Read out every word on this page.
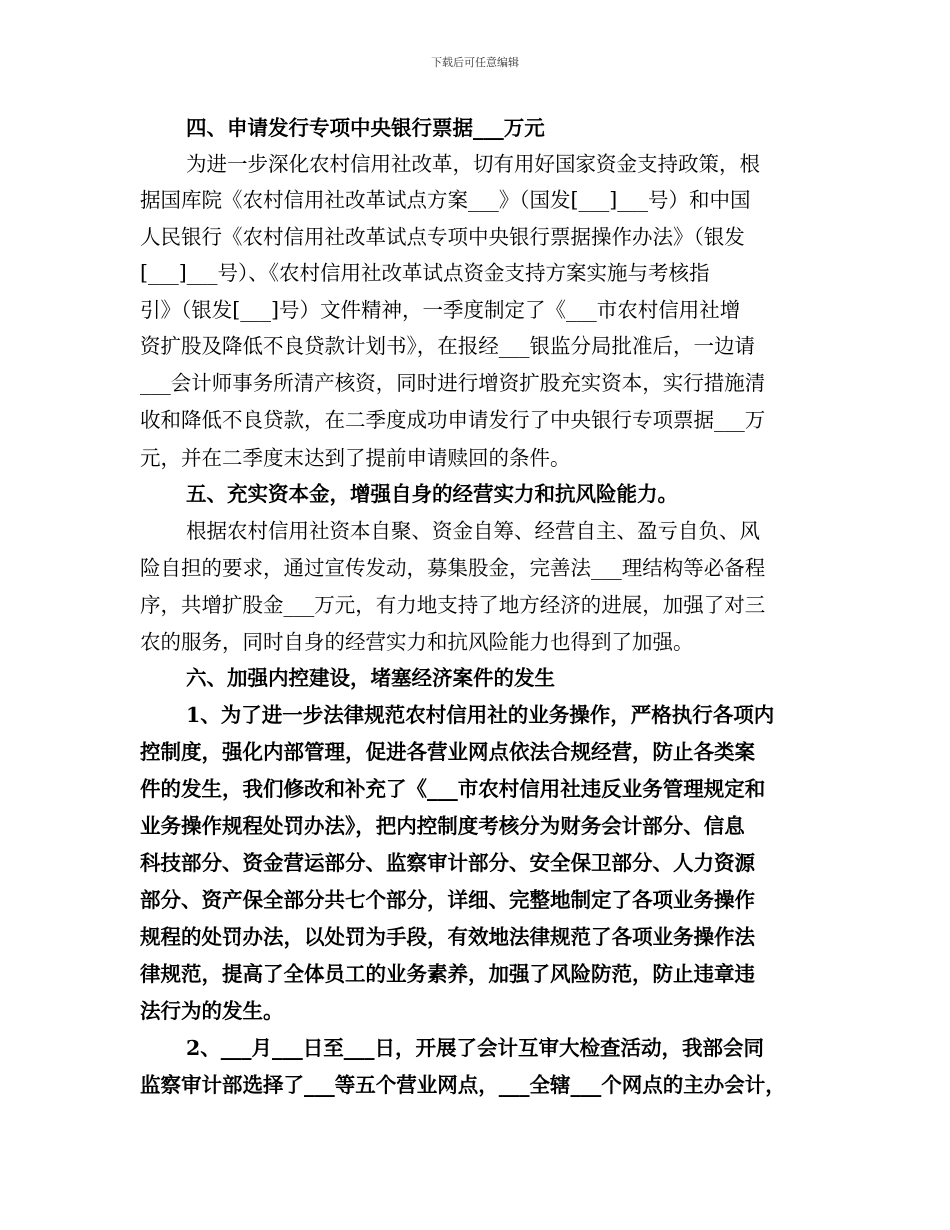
下载后可任意编辑
四、申请发行专项中央银行票据___万元
为进一步深化农村信用社改革，切有用好国家资金支持政策，根
据国库院《农村信用社改革试点方案___》（国发[___]___号）和中国
人民银行《农村信用社改革试点专项中央银行票据操作办法》（银发
[___]___号）、《农村信用社改革试点资金支持方案实施与考核指
引》（银发[___]号）文件精神，一季度制定了《___市农村信用社增
资扩股及降低不良贷款计划书》，在报经___银监分局批准后，一边请
___会计师事务所清产核资，同时进行增资扩股充实资本，实行措施清
收和降低不良贷款，在二季度成功申请发行了中央银行专项票据___万
元，并在二季度末达到了提前申请赎回的条件。
五、充实资本金，增强自身的经营实力和抗风险能力。
根据农村信用社资本自聚、资金自筹、经营自主、盈亏自负、风
险自担的要求，通过宣传发动，募集股金，完善法___理结构等必备程
序，共增扩股金___万元，有力地支持了地方经济的进展，加强了对三
农的服务，同时自身的经营实力和抗风险能力也得到了加强。
六、加强内控建设，堵塞经济案件的发生
1、为了进一步法律规范农村信用社的业务操作，严格执行各项内
控制度，强化内部管理，促进各营业网点依法合规经营，防止各类案
件的发生，我们修改和补充了《___市农村信用社违反业务管理规定和
业务操作规程处罚办法》，把内控制度考核分为财务会计部分、信息
科技部分、资金营运部分、监察审计部分、安全保卫部分、人力资源
部分、资产保全部分共七个部分，详细、完整地制定了各项业务操作
规程的处罚办法，以处罚为手段，有效地法律规范了各项业务操作法
律规范，提高了全体员工的业务素养，加强了风险防范，防止违章违
法行为的发生。
2、___月___日至___日，开展了会计互审大检查活动，我部会同
监察审计部选择了___等五个营业网点，___全辖___个网点的主办会计，
